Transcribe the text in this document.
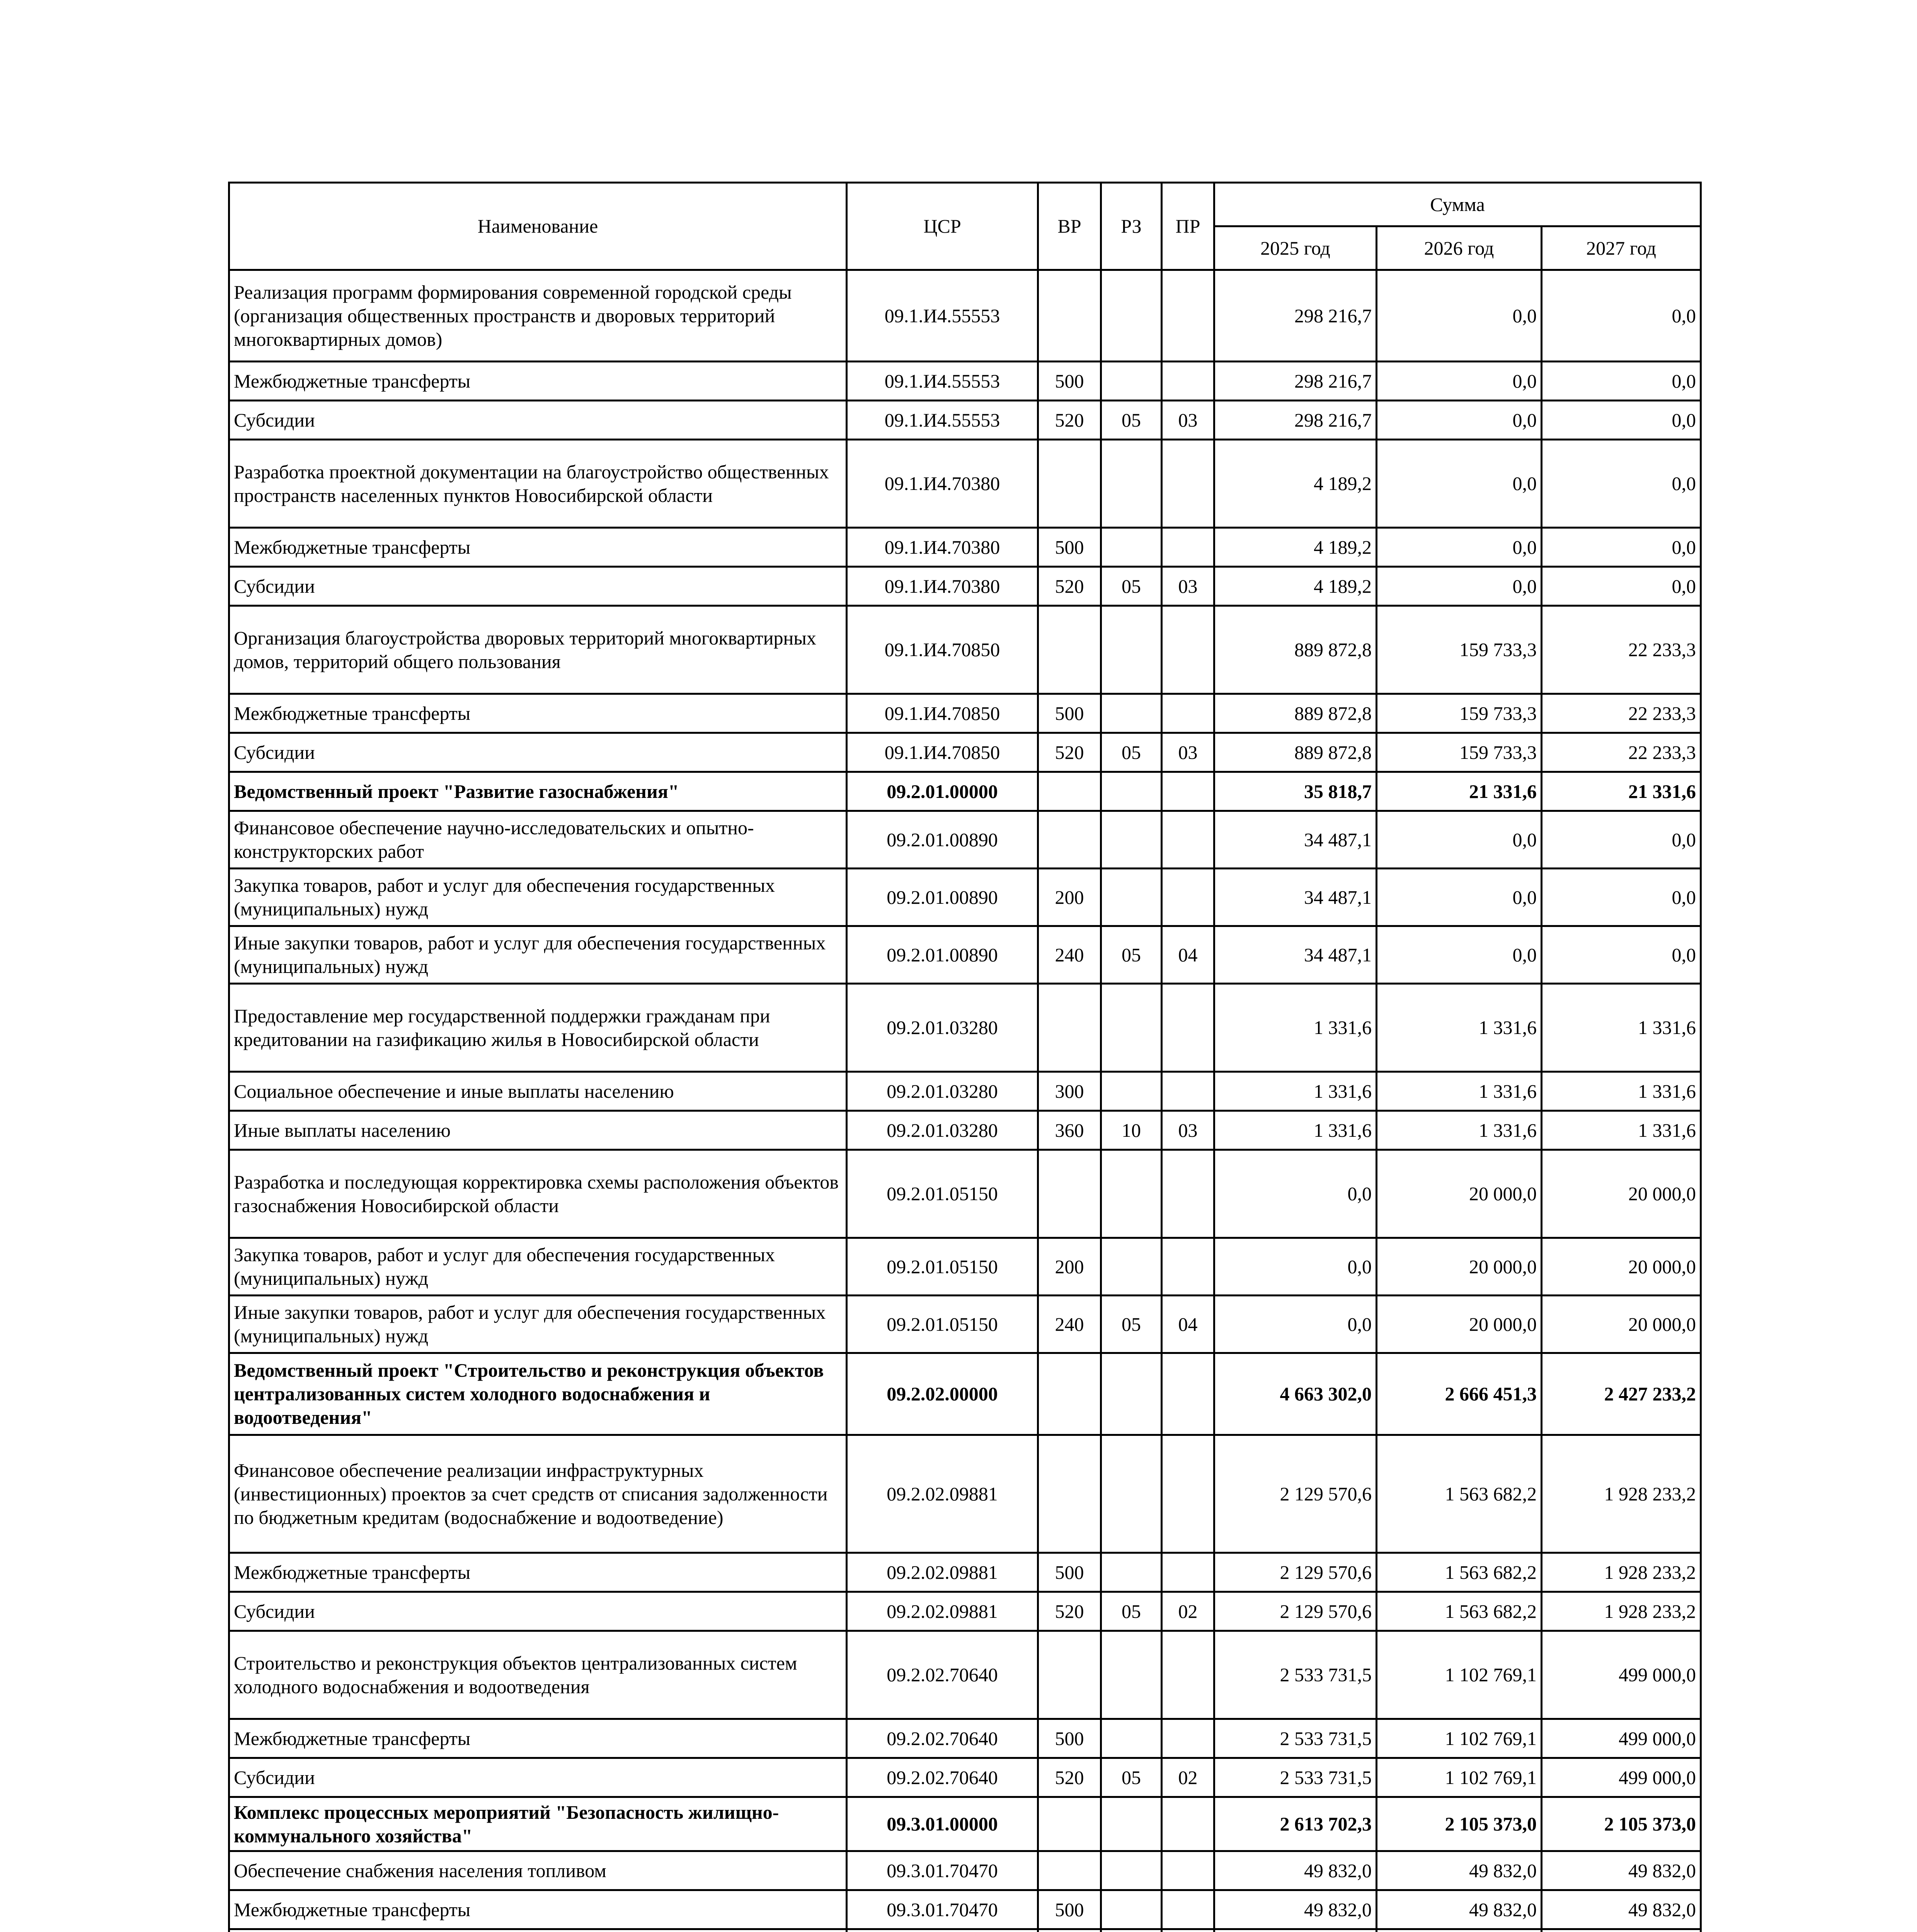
Наименование	ЦСР	ВР	РЗ	ПР	Сумма		
					2025 год	2026 год	2027 год
Реализация программ формирования современной городской среды (организация общественных пространств и дворовых территорий многоквартирных домов)	09.1.И4.55553				298 216,7	0,0	0,0
Межбюджетные трансферты	09.1.И4.55553	500			298 216,7	0,0	0,0
Субсидии	09.1.И4.55553	520	05	03	298 216,7	0,0	0,0
Разработка проектной документации на благоустройство общественных пространств населенных пунктов Новосибирской области	09.1.И4.70380				4 189,2	0,0	0,0
Межбюджетные трансферты	09.1.И4.70380	500			4 189,2	0,0	0,0
Субсидии	09.1.И4.70380	520	05	03	4 189,2	0,0	0,0
Организация благоустройства дворовых территорий многоквартирных домов, территорий общего пользования	09.1.И4.70850				889 872,8	159 733,3	22 233,3
Межбюджетные трансферты	09.1.И4.70850	500			889 872,8	159 733,3	22 233,3
Субсидии	09.1.И4.70850	520	05	03	889 872,8	159 733,3	22 233,3
Ведомственный проект "Развитие газоснабжения"	09.2.01.00000				35 818,7	21 331,6	21 331,6
Финансовое обеспечение научно-исследовательских и опытно-конструкторских работ	09.2.01.00890				34 487,1	0,0	0,0
Закупка товаров, работ и услуг для обеспечения государственных (муниципальных) нужд	09.2.01.00890	200			34 487,1	0,0	0,0
Иные закупки товаров, работ и услуг для обеспечения государственных (муниципальных) нужд	09.2.01.00890	240	05	04	34 487,1	0,0	0,0
Предоставление мер государственной поддержки гражданам при кредитовании на газификацию жилья в Новосибирской области	09.2.01.03280				1 331,6	1 331,6	1 331,6
Социальное обеспечение и иные выплаты населению	09.2.01.03280	300			1 331,6	1 331,6	1 331,6
Иные выплаты населению	09.2.01.03280	360	10	03	1 331,6	1 331,6	1 331,6
Разработка и последующая корректировка схемы расположения объектов газоснабжения Новосибирской области	09.2.01.05150				0,0	20 000,0	20 000,0
Закупка товаров, работ и услуг для обеспечения государственных (муниципальных) нужд	09.2.01.05150	200			0,0	20 000,0	20 000,0
Иные закупки товаров, работ и услуг для обеспечения государственных (муниципальных) нужд	09.2.01.05150	240	05	04	0,0	20 000,0	20 000,0
Ведомственный проект "Строительство и реконструкция объектов централизованных систем холодного водоснабжения и водоотведения"	09.2.02.00000				4 663 302,0	2 666 451,3	2 427 233,2
Финансовое обеспечение реализации инфраструктурных (инвестиционных) проектов за счет средств от списания задолженности по бюджетным кредитам (водоснабжение и водоотведение)	09.2.02.09881				2 129 570,6	1 563 682,2	1 928 233,2
Межбюджетные трансферты	09.2.02.09881	500			2 129 570,6	1 563 682,2	1 928 233,2
Субсидии	09.2.02.09881	520	05	02	2 129 570,6	1 563 682,2	1 928 233,2
Строительство и реконструкция объектов централизованных систем холодного водоснабжения и водоотведения	09.2.02.70640				2 533 731,5	1 102 769,1	499 000,0
Межбюджетные трансферты	09.2.02.70640	500			2 533 731,5	1 102 769,1	499 000,0
Субсидии	09.2.02.70640	520	05	02	2 533 731,5	1 102 769,1	499 000,0
Комплекс процессных мероприятий "Безопасность жилищно-коммунального хозяйства"	09.3.01.00000				2 613 702,3	2 105 373,0	2 105 373,0
Обеспечение снабжения населения топливом	09.3.01.70470				49 832,0	49 832,0	49 832,0
Межбюджетные трансферты	09.3.01.70470	500			49 832,0	49 832,0	49 832,0
